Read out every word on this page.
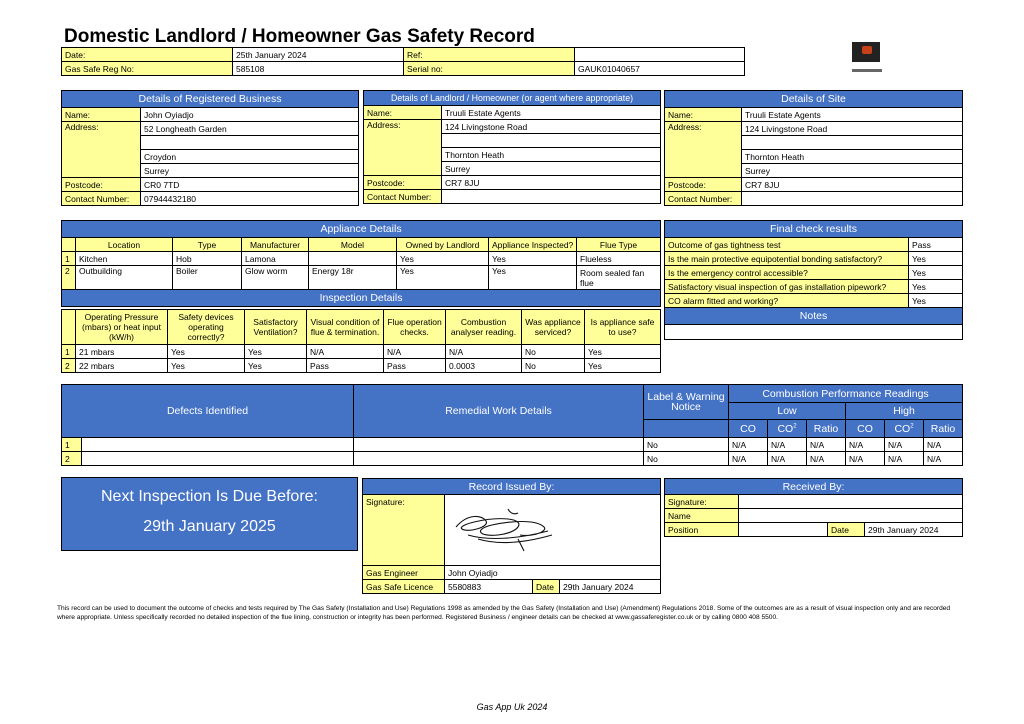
Domestic Landlord / Homeowner Gas Safety Record
Date:	25th January 2024	Ref:	
Gas Safe Reg No:	585108	Serial no:	GAUK01040657
Details of Registered Business	
Name:	John Oyiadjo
Address:	52 Longheath Garden

	Croydon
	Surrey
Postcode:	CR0 7TD
Contact Number:	07944432180
Details of Landlord / Homeowner (or agent where appropriate)	
Name:	Truuli Estate Agents
Address:	124 Livingstone Road

	Thornton Heath
	Surrey
Postcode:	CR7 8JU
Contact Number:	
Details of Site	
Name:	Truuli Estate Agents
Address:	124 Livingstone Road

	Thornton Heath
	Surrey
Postcode:	CR7 8JU
Contact Number:	
Appliance Details							
	Location	Type	Manufacturer	Model	Owned by Landlord	Appliance Inspected?	Flue Type
1	Kitchen	Hob	Lamona		Yes	Yes	Flueless
2	Outbuilding	Boiler	Glow worm	Energy 18r	Yes	Yes	Room sealed fan flue
Inspection Details							
	Operating Pressure (mbars) or heat input (kW/h)	Safety devices operating correctly?	Satisfactory Ventilation?	Visual condition of flue & termination.	Flue operation checks.	Combustion analyser reading.	Was appliance serviced?	Is appliance safe to use?
1	21 mbars	Yes	Yes	N/A	N/A	N/A	No	Yes
2	22 mbars	Yes	Yes	Pass	Pass	0.0003	No	Yes
Final check results	
Outcome of gas tightness test	Pass
Is the main protective equipotential bonding satisfactory?	Yes
Is the emergency control accessible?	Yes
Satisfactory visual inspection of gas installation pipework?	Yes
CO alarm fitted and working?	Yes
Notes	

Defects Identified		Remedial Work Details	Label & Warning Notice	Combustion Performance Readings					
				Low			High		
				CO	$CO^2$	Ratio	CO	$CO^2$	Ratio
1			No	N/A	N/A	N/A	N/A	N/A	N/A
2			No	N/A	N/A	N/A	N/A	N/A	N/A
Next Inspection Is Due Before:
29th January 2025
Record Issued By:			
Signature:	
Gas Engineer	John Oyiadjo		
Gas Safe Licence	5580883	Date	29th January 2024
Received By:			
Signature:			
Name			
Position		Date	29th January 2024
This record can be used to document the outcome of checks and tests required by The Gas Safety (Installation and Use) Regulations 1998 as amended by the Gas Safety (Installation and Use) (Amendment) Regulations 2018. Some of the outcomes are as a result of visual inspection only and are recorded where appropriate. Unless specifically recorded no detailed inspection of the flue lining, construction or integrity has been performed. Registered Business / engineer details can be checked at www.gassaferegister.co.uk or by calling 0800 408 5500.
Gas App Uk 2024
